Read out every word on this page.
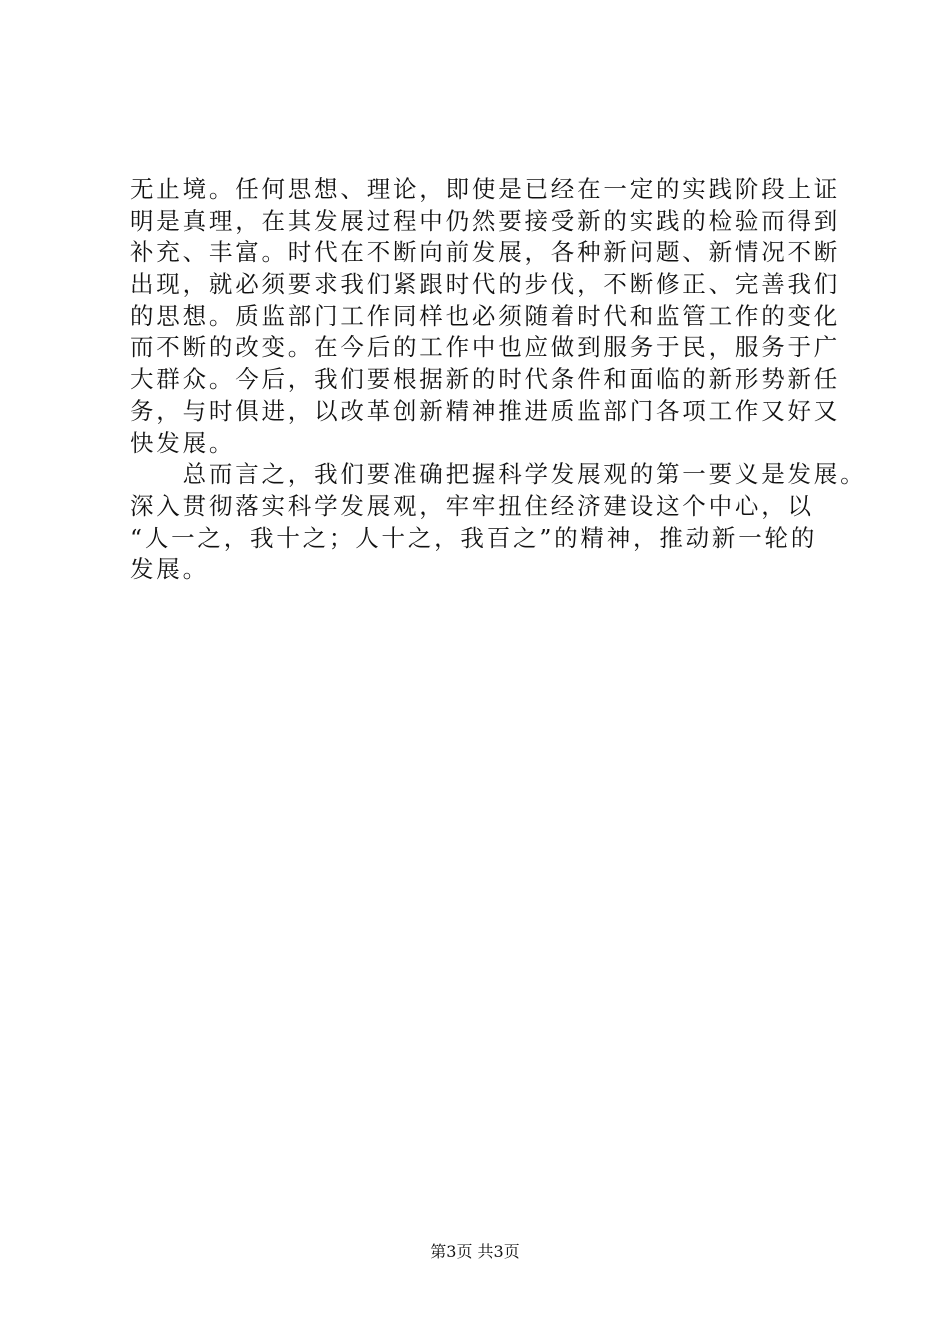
无止境。任何思想、理论，即使是已经在一定的实践阶段上证
明是真理，在其发展过程中仍然要接受新的实践的检验而得到
补充、丰富。时代在不断向前发展，各种新问题、新情况不断
出现，就必须要求我们紧跟时代的步伐，不断修正、完善我们
的思想。质监部门工作同样也必须随着时代和监管工作的变化
而不断的改变。在今后的工作中也应做到服务于民，服务于广
大群众。今后，我们要根据新的时代条件和面临的新形势新任
务，与时俱进，以改革创新精神推进质监部门各项工作又好又
快发展。
　　总而言之，我们要准确把握科学发展观的第一要义是发展。
深入贯彻落实科学发展观，牢牢扭住经济建设这个中心，以
“人一之，我十之；人十之，我百之”的精神，推动新一轮的
发展。
第3页 共3页
